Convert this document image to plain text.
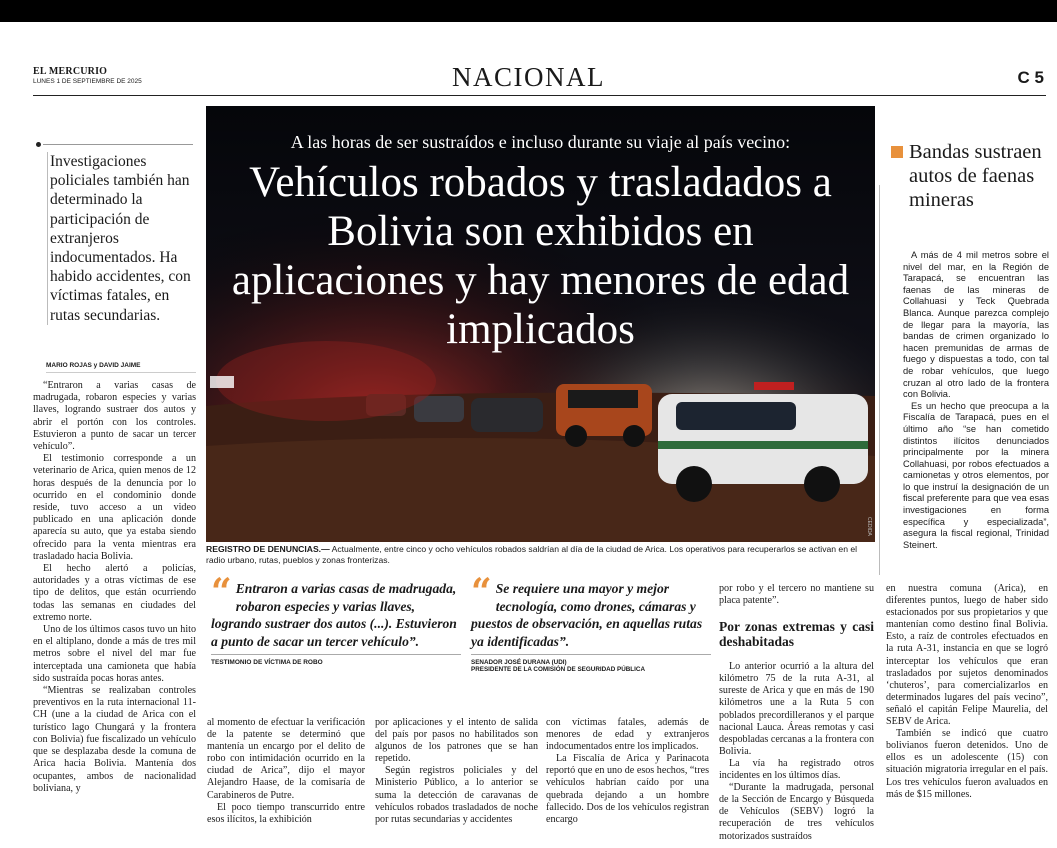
EL MERCURIO
LUNES 1 DE SEPTIEMBRE DE 2025	NACIONAL	C 5
Investigaciones policiales también han determinado la participación de extranjeros indocumentados. Ha habido accidentes, con víctimas fatales, en rutas secundarias.
MARIO ROJAS y DAVID JAIME

“Entraron a varias casas de madrugada, robaron especies y varias llaves, logrando sustraer dos autos y abrir el portón con los controles. Estuvieron a punto de sacar un tercer vehículo”.

El testimonio corresponde a un veterinario de Arica, quien menos de 12 horas después de la denuncia por lo ocurrido en el condominio donde reside, tuvo acceso a un video publicado en una aplicación donde aparecía su auto, que ya estaba siendo ofrecido para la venta mientras era trasladado hacia Bolivia.

El hecho alertó a policías, autoridades y a otras víctimas de ese tipo de delitos, que están ocurriendo todas las semanas en ciudades del extremo norte.

Uno de los últimos casos tuvo un hito en el altiplano, donde a más de tres mil metros sobre el nivel del mar fue interceptada una camioneta que había sido sustraída pocas horas antes.

“Mientras se realizaban controles preventivos en la ruta internacional 11-CH (une a la ciudad de Arica con el turístico lago Chungará y la frontera con Bolivia) fue fiscalizado un vehículo que se desplazaba desde la comuna de Arica hacia Bolivia. Mantenía dos ocupantes, ambos de nacionalidad boliviana, y

A las horas de ser sustraídos e incluso durante su viaje al país vecino:
Vehículos robados y trasladados a Bolivia son exhibidos en aplicaciones y hay menores de edad implicados
CEDIDA
REGISTRO DE DENUNCIAS.— Actualmente, entre cinco y ocho vehículos robados saldrían al día de la ciudad de Arica. Los operativos para recuperarlos se activan en el radio urbano, rutas, pueblos y zonas fronterizas.
Bandas sustraen autos de faenas mineras

A más de 4 mil metros sobre el nivel del mar, en la Región de Tarapacá, se encuentran las faenas de las mineras de Collahuasi y Teck Quebrada Blanca. Aunque parezca complejo de llegar para la mayoría, las bandas de crimen organizado lo hacen premunidas de armas de fuego y dispuestas a todo, con tal de robar vehículos, que luego cruzan al otro lado de la frontera con Bolivia.

Es un hecho que preocupa a la Fiscalía de Tarapacá, pues en el último año “se han cometido distintos ilícitos denunciados principalmente por la minera Collahuasi, por robos efectuados a camionetas y otros elementos, por lo que instruí la designación de un fiscal preferente para que vea esas investigaciones en forma específica y especializada”, asegura la fiscal regional, Trinidad Steinert.

“ Entraron a varias casas de madrugada, robaron especies y varias llaves, logrando sustraer dos autos (...). Estuvieron a punto de sacar un tercer vehículo”.
TESTIMONIO DE VÍCTIMA DE ROBO
“ Se requiere una mayor y mejor tecnología, como drones, cámaras y puestos de observación, en aquellas rutas ya identificadas”.
SENADOR JOSÉ DURANA (UDI)
PRESIDENTE DE LA COMISIÓN DE SEGURIDAD PÚBLICA

al momento de efectuar la verificación de la patente se determinó que mantenía un encargo por el delito de robo con intimidación ocurrido en la ciudad de Arica”, dijo el mayor Alejandro Haase, de la comisaría de Carabineros de Putre.

El poco tiempo transcurrido entre esos ilícitos, la exhibición

por aplicaciones y el intento de salida del país por pasos no habilitados son algunos de los patrones que se han repetido.

Según registros policiales y del Ministerio Público, a lo anterior se suma la detección de caravanas de vehículos robados trasladados de noche por rutas secundarias y accidentes

con víctimas fatales, además de menores de edad y extranjeros indocumentados entre los implicados.

La Fiscalía de Arica y Parinacota reportó que en uno de esos hechos, “tres vehículos habrían caído por una quebrada dejando a un hombre fallecido. Dos de los vehículos registran encargo

por robo y el tercero no mantiene su placa patente”.

Por zonas extremas y casi deshabitadas

Lo anterior ocurrió a la altura del kilómetro 75 de la ruta A-31, al sureste de Arica y que en más de 190 kilómetros une a la Ruta 5 con poblados precordilleranos y el parque nacional Lauca. Áreas remotas y casi despobladas cercanas a la frontera con Bolivia.

La vía ha registrado otros incidentes en los últimos días.

“Durante la madrugada, personal de la Sección de Encargo y Búsqueda de Vehículos (SEBV) logró la recuperación de tres vehículos motorizados sustraídos

en nuestra comuna (Arica), en diferentes puntos, luego de haber sido estacionados por sus propietarios y que mantenían como destino final Bolivia. Esto, a raíz de controles efectuados en la ruta A-31, instancia en que se logró interceptar los vehículos que eran trasladados por sujetos denominados ‘chuteros’, para comercializarlos en determinados lugares del país vecino”, señaló el capitán Felipe Maurelia, del SEBV de Arica.

También se indicó que cuatro bolivianos fueron detenidos. Uno de ellos es un adolescente (15) con situación migratoria irregular en el país. Los tres vehículos fueron avaluados en más de $15 millones.
